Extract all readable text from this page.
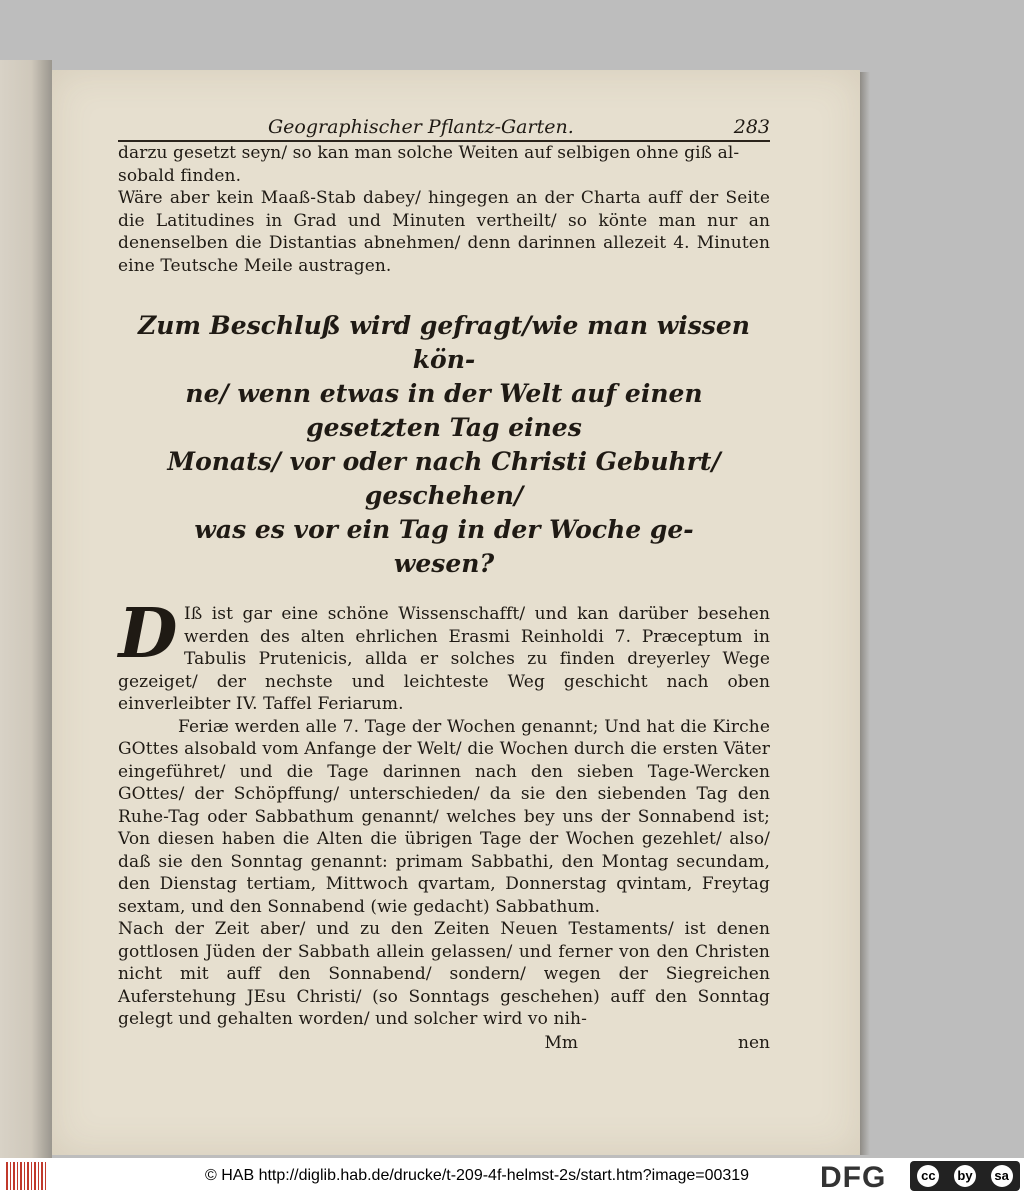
Geographischer Pflantz-Garten.	283

darzu gesetzt seyn/ so kan man solche Weiten auf selbigen ohne giß al-
sobald finden.

Wäre aber kein Maaß-Stab dabey/ hingegen an der Charta auff der Seite die Latitudines in Grad und Minuten vertheilt/ so könte man nur an denenselben die Distantias abnehmen/ denn darinnen allezeit 4. Minuten eine Teutsche Meile austragen.

Zum Beschluß wird gefragt/wie man wissen kön-
ne/ wenn etwas in der Welt auf einen gesetzten Tag eines
Monats/ vor oder nach Christi Gebuhrt/ geschehen/
was es vor ein Tag in der Woche ge-
wesen?
D Iß ist gar eine schöne Wissenschafft/ und kan darüber besehen werden des alten ehrlichen Erasmi Reinholdi 7. Præceptum in Tabulis Prutenicis, allda er solches zu finden dreyerley Wege gezeiget/ der nechste und leichteste Weg geschicht nach oben einverleibter IV. Taffel Feriarum.

Feriæ werden alle 7. Tage der Wochen genannt; Und hat die Kirche GOttes alsobald vom Anfange der Welt/ die Wochen durch die ersten Väter eingeführet/ und die Tage darinnen nach den sieben Tage-Wercken GOttes/ der Schöpffung/ unterschieden/ da sie den siebenden Tag den Ruhe-Tag oder Sabbathum genannt/ welches bey uns der Sonnabend ist; Von diesen haben die Alten die übrigen Tage der Wochen gezehlet/ also/ daß sie den Sonntag genannt: primam Sabbathi, den Montag secundam, den Dienstag tertiam, Mittwoch qvartam, Donnerstag qvintam, Freytag sextam, und den Sonnabend (wie gedacht) Sabbathum.

Nach der Zeit aber/ und zu den Zeiten Neuen Testaments/ ist denen gottlosen Jüden der Sabbath allein gelassen/ und ferner von den Christen nicht mit auff den Sonnabend/ sondern/ wegen der Siegreichen Auferstehung JEsu Christi/ (so Sonntags geschehen) auff den Sonntag gelegt und gehalten worden/ und solcher wird vo nih-

Mm	nen
© HAB http://diglib.hab.de/drucke/t-209-4f-helmst-2s/start.htm?image=00319 DFG	cc by sa
